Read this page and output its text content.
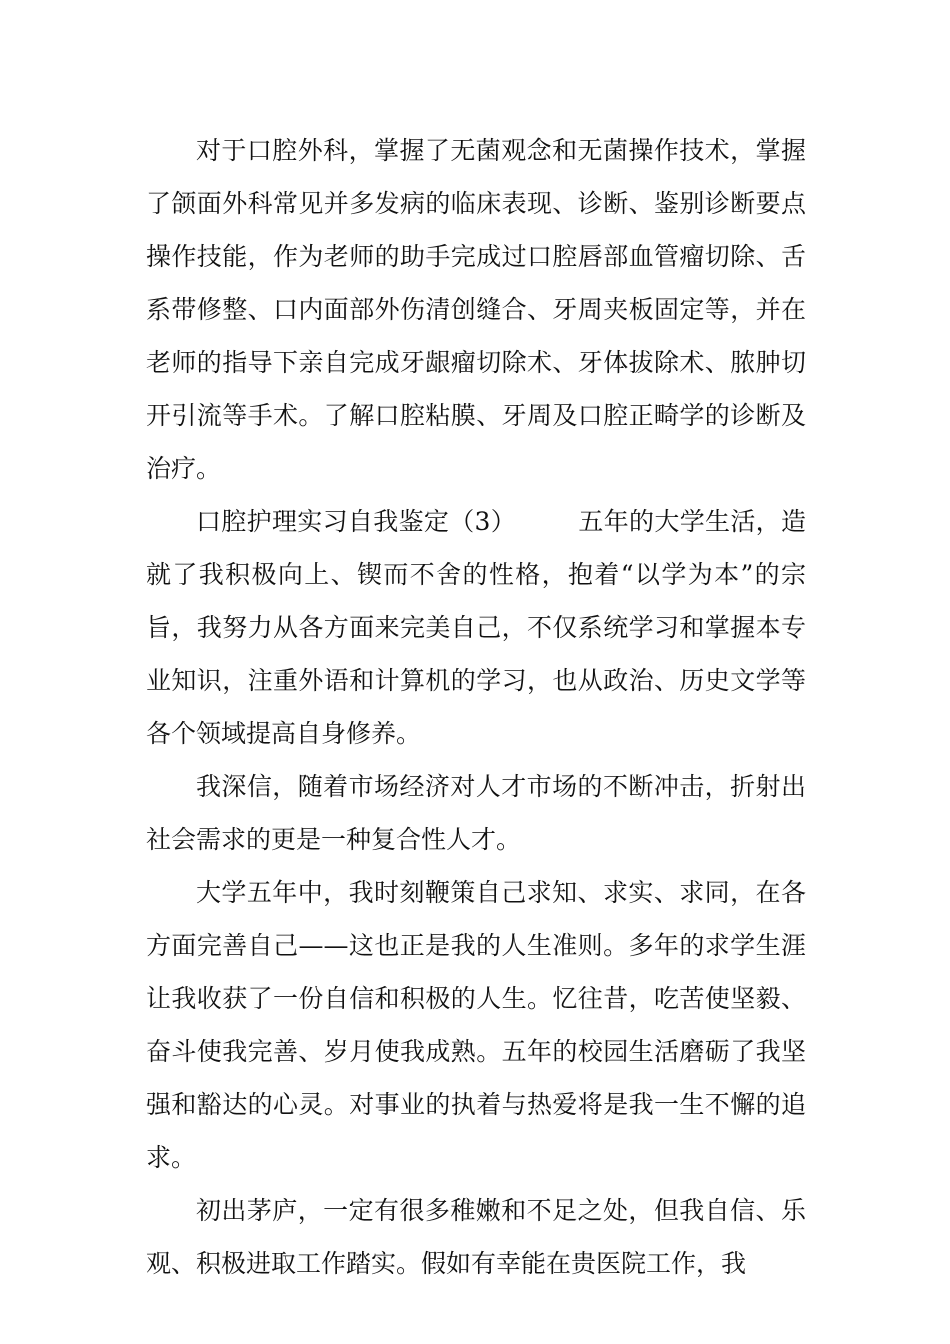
对于口腔外科，掌握了无菌观念和无菌操作技术，掌握了颌面外科常见并多发病的临床表现、诊断、鉴别诊断要点操作技能，作为老师的助手完成过口腔唇部血管瘤切除、舌系带修整、口内面部外伤清创缝合、牙周夹板固定等，并在老师的指导下亲自完成牙龈瘤切除术、牙体拔除术、脓肿切开引流等手术。了解口腔粘膜、牙周及口腔正畸学的诊断及治疗。

口腔护理实习自我鉴定（3） 五年的大学生活，造就了我积极向上、锲而不舍的性格，抱着“以学为本”的宗旨，我努力从各方面来完美自己，不仅系统学习和掌握本专业知识，注重外语和计算机的学习，也从政治、历史文学等各个领域提高自身修养。

我深信，随着市场经济对人才市场的不断冲击，折射出社会需求的更是一种复合性人才。

大学五年中，我时刻鞭策自己求知、求实、求同，在各方面完善自己——这也正是我的人生准则。多年的求学生涯让我收获了一份自信和积极的人生。忆往昔，吃苦使坚毅、奋斗使我完善、岁月使我成熟。五年的校园生活磨砺了我坚强和豁达的心灵。对事业的执着与热爱将是我一生不懈的追求。

初出茅庐，一定有很多稚嫩和不足之处，但我自信、乐观、积极进取工作踏实。假如有幸能在贵医院工作，我
